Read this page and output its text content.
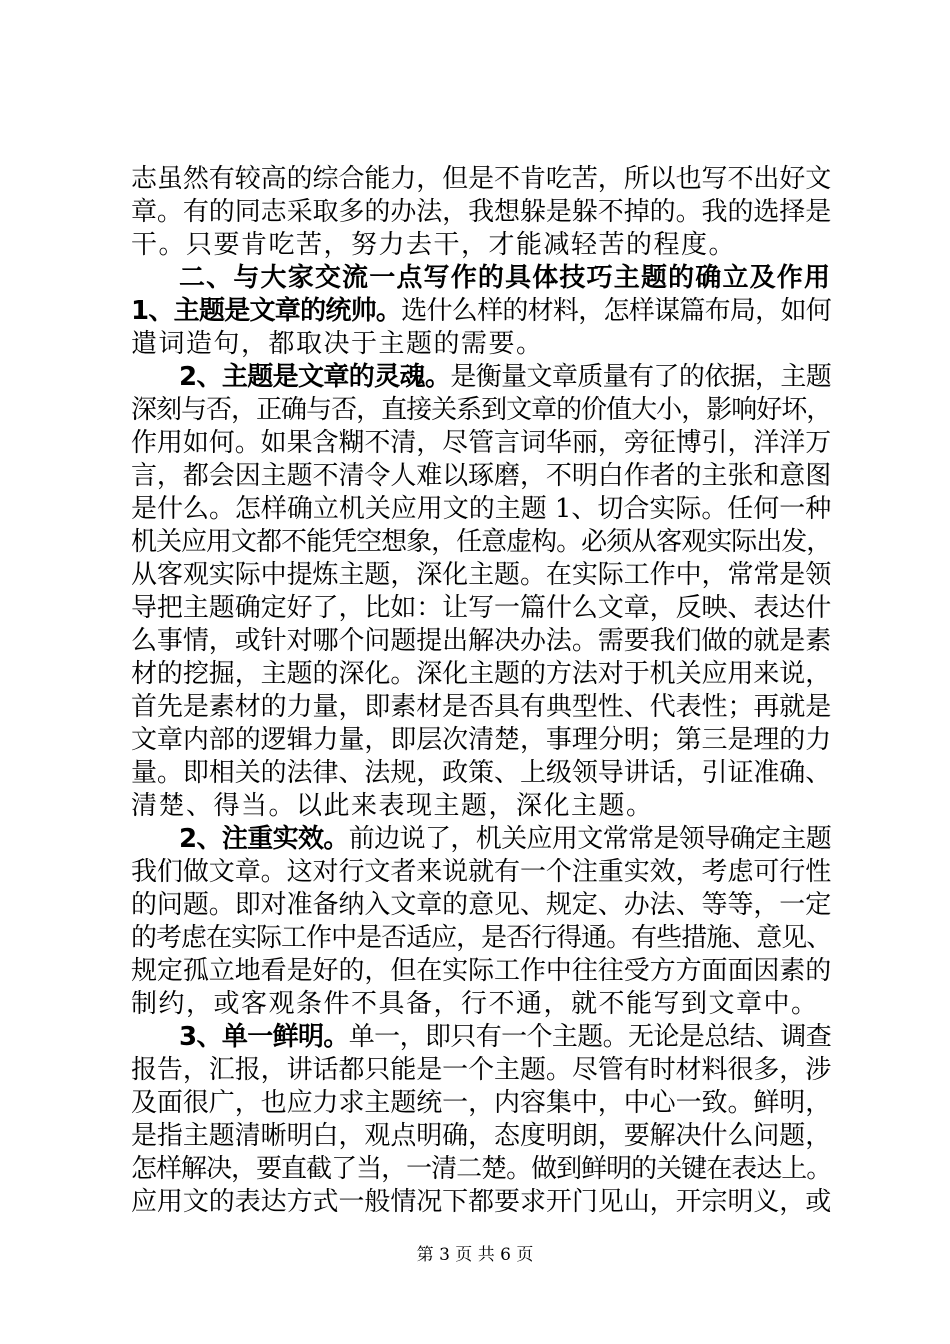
志虽然有较高的综合能力，但是不肯吃苦，所以也写不出好文
章。有的同志采取多的办法，我想躲是躲不掉的。我的选择是
干。只要肯吃苦，努力去干，才能减轻苦的程度。
二、与大家交流一点写作的具体技巧主题的确立及作用
1、主题是文章的统帅。选什么样的材料，怎样谋篇布局，如何
遣词造句，都取决于主题的需要。
2、主题是文章的灵魂。是衡量文章质量有了的依据，主题
深刻与否，正确与否，直接关系到文章的价值大小，影响好坏，
作用如何。如果含糊不清，尽管言词华丽，旁征博引，洋洋万
言，都会因主题不清令人难以琢磨，不明白作者的主张和意图
是什么。怎样确立机关应用文的主题 1、切合实际。任何一种
机关应用文都不能凭空想象，任意虚构。必须从客观实际出发，
从客观实际中提炼主题，深化主题。在实际工作中，常常是领
导把主题确定好了，比如：让写一篇什么文章，反映、表达什
么事情，或针对哪个问题提出解决办法。需要我们做的就是素
材的挖掘，主题的深化。深化主题的方法对于机关应用来说，
首先是素材的力量，即素材是否具有典型性、代表性；再就是
文章内部的逻辑力量，即层次清楚，事理分明；第三是理的力
量。即相关的法律、法规，政策、上级领导讲话，引证准确、
清楚、得当。以此来表现主题，深化主题。
2、注重实效。前边说了，机关应用文常常是领导确定主题
我们做文章。这对行文者来说就有一个注重实效，考虑可行性
的问题。即对准备纳入文章的意见、规定、办法、等等，一定
的考虑在实际工作中是否适应，是否行得通。有些措施、意见、
规定孤立地看是好的，但在实际工作中往往受方方面面因素的
制约，或客观条件不具备，行不通，就不能写到文章中。
3、单一鲜明。单一，即只有一个主题。无论是总结、调查
报告，汇报，讲话都只能是一个主题。尽管有时材料很多，涉
及面很广，也应力求主题统一，内容集中，中心一致。鲜明，
是指主题清晰明白，观点明确，态度明朗，要解决什么问题，
怎样解决，要直截了当，一清二楚。做到鲜明的关键在表达上。
应用文的表达方式一般情况下都要求开门见山，开宗明义，或
第 3 页 共 6 页
